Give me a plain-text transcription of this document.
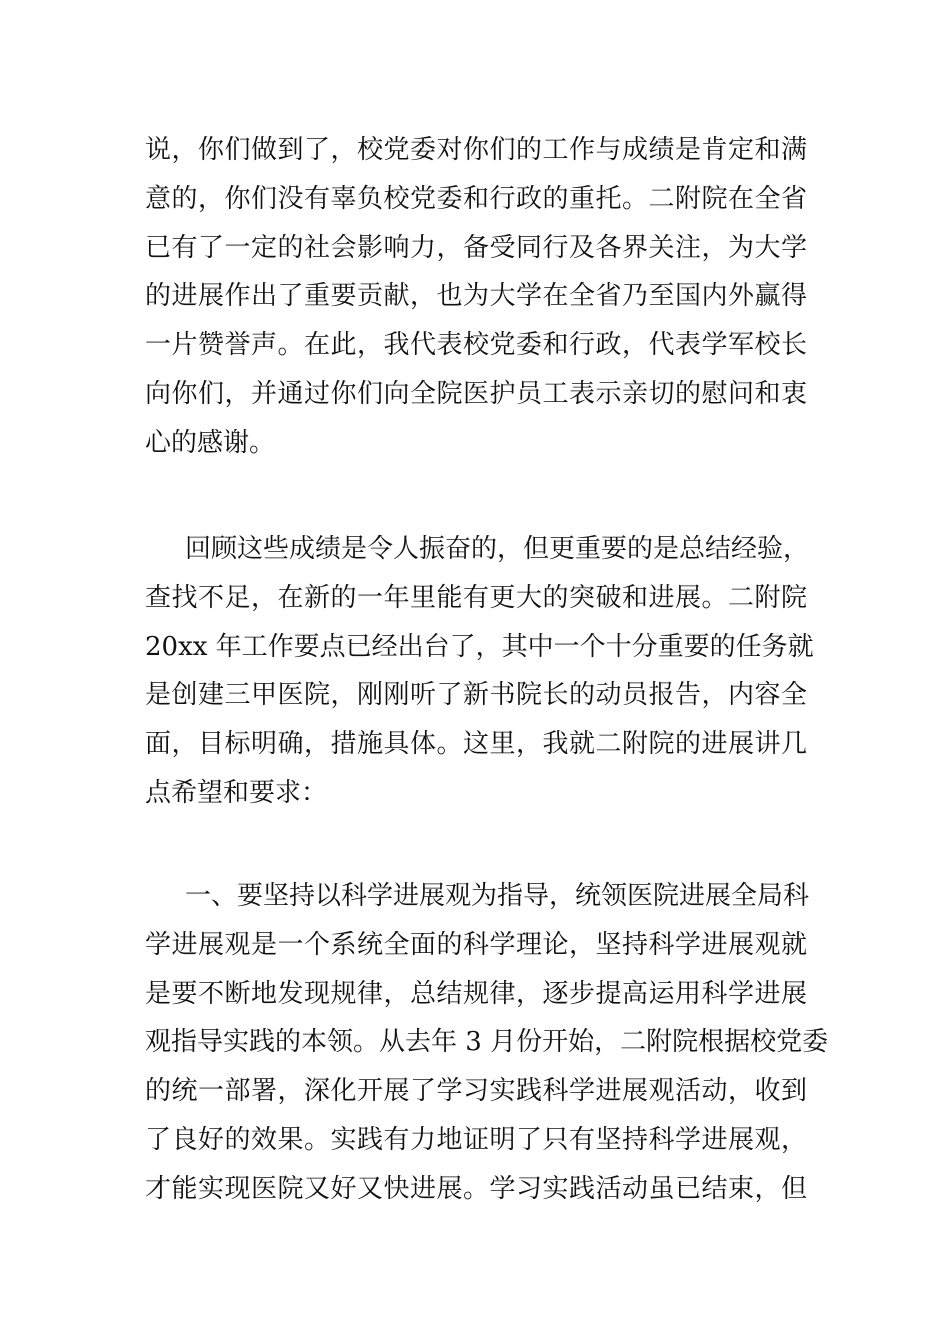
说，你们做到了，校党委对你们的工作与成绩是肯定和满
意的，你们没有辜负校党委和行政的重托。二附院在全省
已有了一定的社会影响力，备受同行及各界关注，为大学
的进展作出了重要贡献，也为大学在全省乃至国内外赢得
一片赞誉声。在此，我代表校党委和行政，代表学军校长
向你们，并通过你们向全院医护员工表示亲切的慰问和衷
心的感谢。
回顾这些成绩是令人振奋的，但更重要的是总结经验，
查找不足，在新的一年里能有更大的突破和进展。二附院
20xx 年工作要点已经出台了，其中一个十分重要的任务就
是创建三甲医院，刚刚听了新书院长的动员报告，内容全
面，目标明确，措施具体。这里，我就二附院的进展讲几
点希望和要求：
一、要坚持以科学进展观为指导，统领医院进展全局科
学进展观是一个系统全面的科学理论，坚持科学进展观就
是要不断地发现规律，总结规律，逐步提高运用科学进展
观指导实践的本领。从去年 3 月份开始，二附院根据校党委
的统一部署，深化开展了学习实践科学进展观活动，收到
了良好的效果。实践有力地证明了只有坚持科学进展观，
才能实现医院又好又快进展。学习实践活动虽已结束，但
